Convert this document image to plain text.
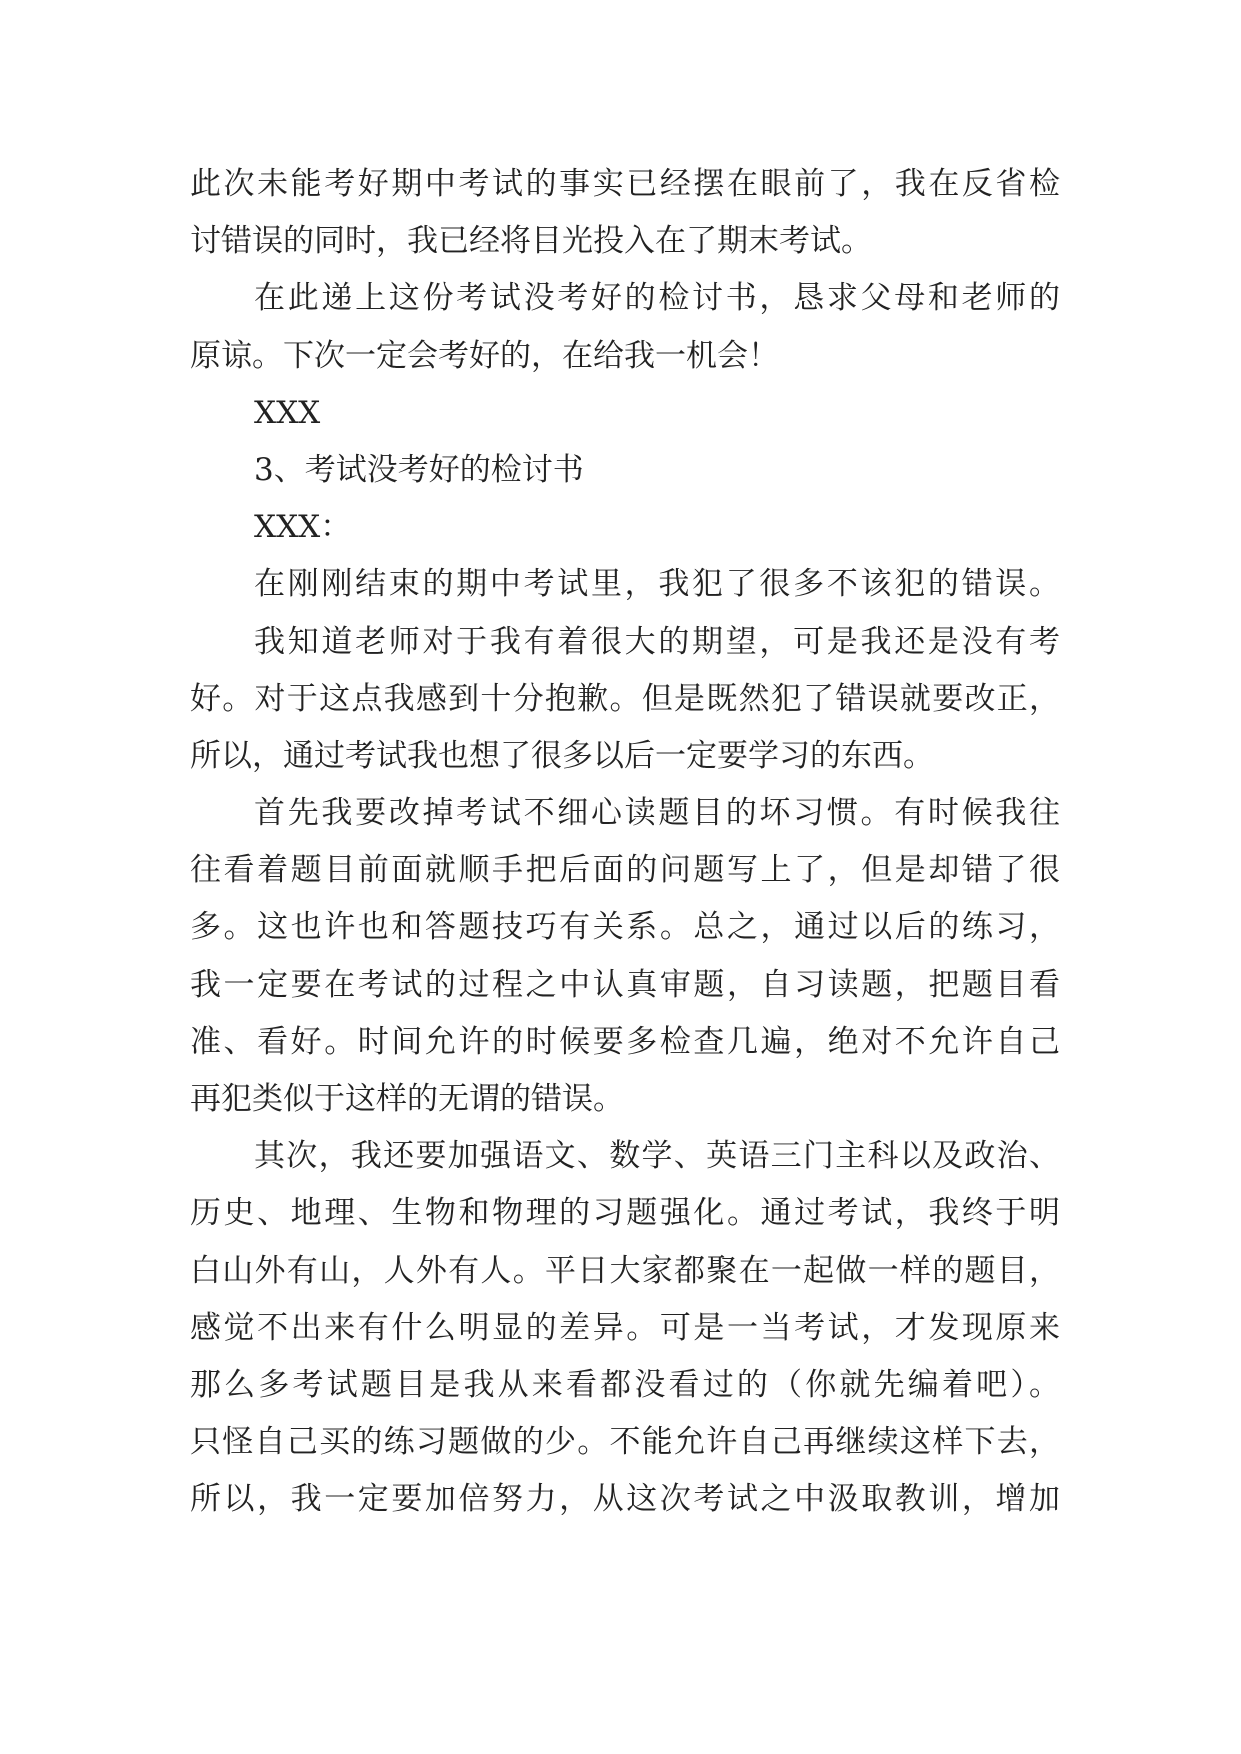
此次未能考好期中考试的事实已经摆在眼前了，我在反省检
讨错误的同时，我已经将目光投入在了期末考试。
在此递上这份考试没考好的检讨书，恳求父母和老师的
原谅。下次一定会考好的，在给我一机会！
XXX
3、考试没考好的检讨书
XXX：
在刚刚结束的期中考试里，我犯了很多不该犯的错误。
我知道老师对于我有着很大的期望，可是我还是没有考
好。对于这点我感到十分抱歉。但是既然犯了错误就要改正，
所以，通过考试我也想了很多以后一定要学习的东西。
首先我要改掉考试不细心读题目的坏习惯。有时候我往
往看着题目前面就顺手把后面的问题写上了，但是却错了很
多。这也许也和答题技巧有关系。总之，通过以后的练习，
我一定要在考试的过程之中认真审题，自习读题，把题目看
准、看好。时间允许的时候要多检查几遍，绝对不允许自己
再犯类似于这样的无谓的错误。
其次，我还要加强语文、数学、英语三门主科以及政治、
历史、地理、生物和物理的习题强化。通过考试，我终于明
白山外有山，人外有人。平日大家都聚在一起做一样的题目，
感觉不出来有什么明显的差异。可是一当考试，才发现原来
那么多考试题目是我从来看都没看过的（你就先编着吧）。
只怪自己买的练习题做的少。不能允许自己再继续这样下去，
所以，我一定要加倍努力，从这次考试之中汲取教训，增加
